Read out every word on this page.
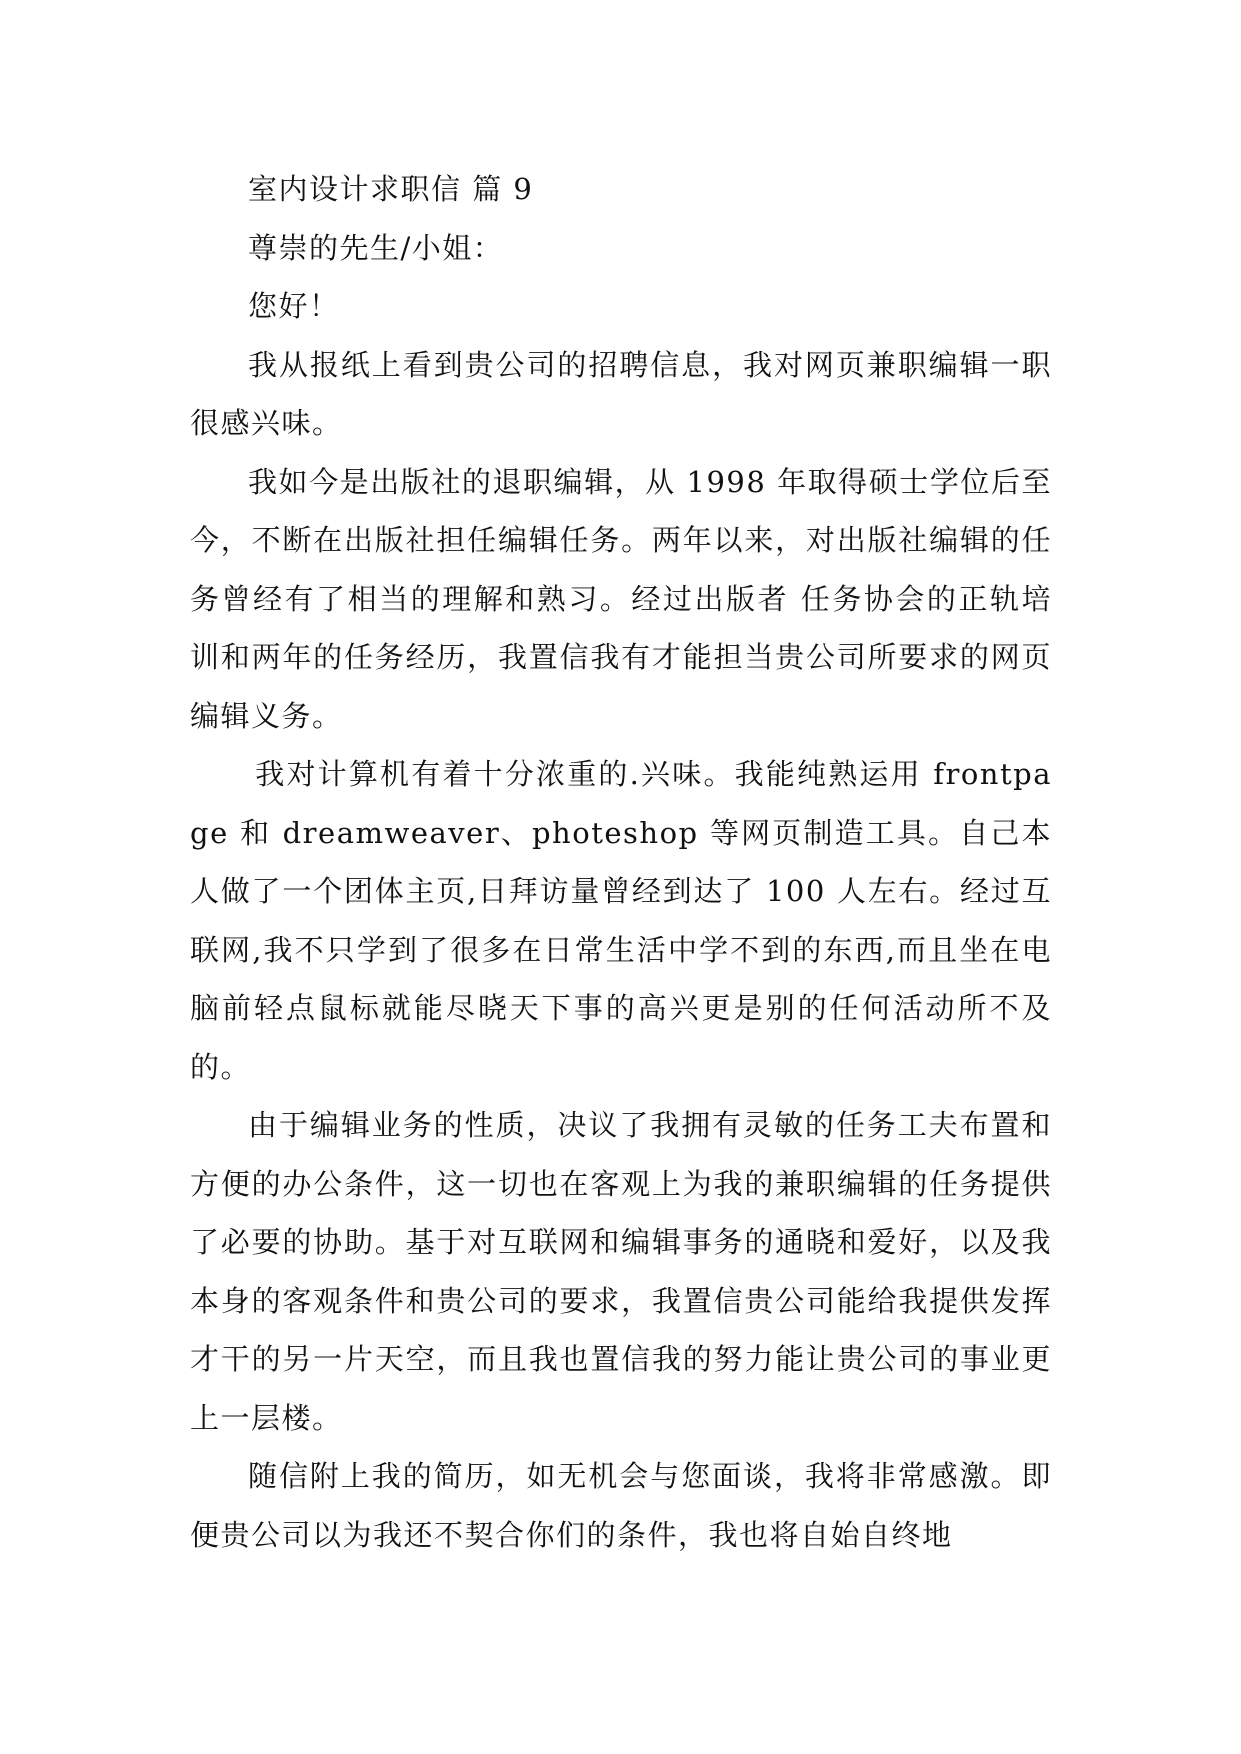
室内设计求职信 篇 9

尊崇的先生/小姐：

您好！

我从报纸上看到贵公司的招聘信息，我对网页兼职编辑一职很感兴味。

我如今是出版社的退职编辑，从 1998 年取得硕士学位后至今，不断在出版社担任编辑任务。两年以来，对出版社编辑的任务曾经有了相当的理解和熟习。经过出版者 任务协会的正轨培训和两年的任务经历，我置信我有才能担当贵公司所要求的网页编辑义务。

我对计算机有着十分浓重的.兴味。我能纯熟运用 frontpage 和 dreamweaver、photeshop 等网页制造工具。自己本人做了一个团体主页,日拜访量曾经到达了 100 人左右。经过互联网,我不只学到了很多在日常生活中学不到的东西,而且坐在电脑前轻点鼠标就能尽晓天下事的高兴更是别的任何活动所不及的。

由于编辑业务的性质，决议了我拥有灵敏的任务工夫布置和方便的办公条件，这一切也在客观上为我的兼职编辑的任务提供了必要的协助。基于对互联网和编辑事务的通晓和爱好，以及我本身的客观条件和贵公司的要求，我置信贵公司能给我提供发挥才干的另一片天空，而且我也置信我的努力能让贵公司的事业更上一层楼。

随信附上我的简历，如无机会与您面谈，我将非常感激。即便贵公司以为我还不契合你们的条件，我也将自始自终地
